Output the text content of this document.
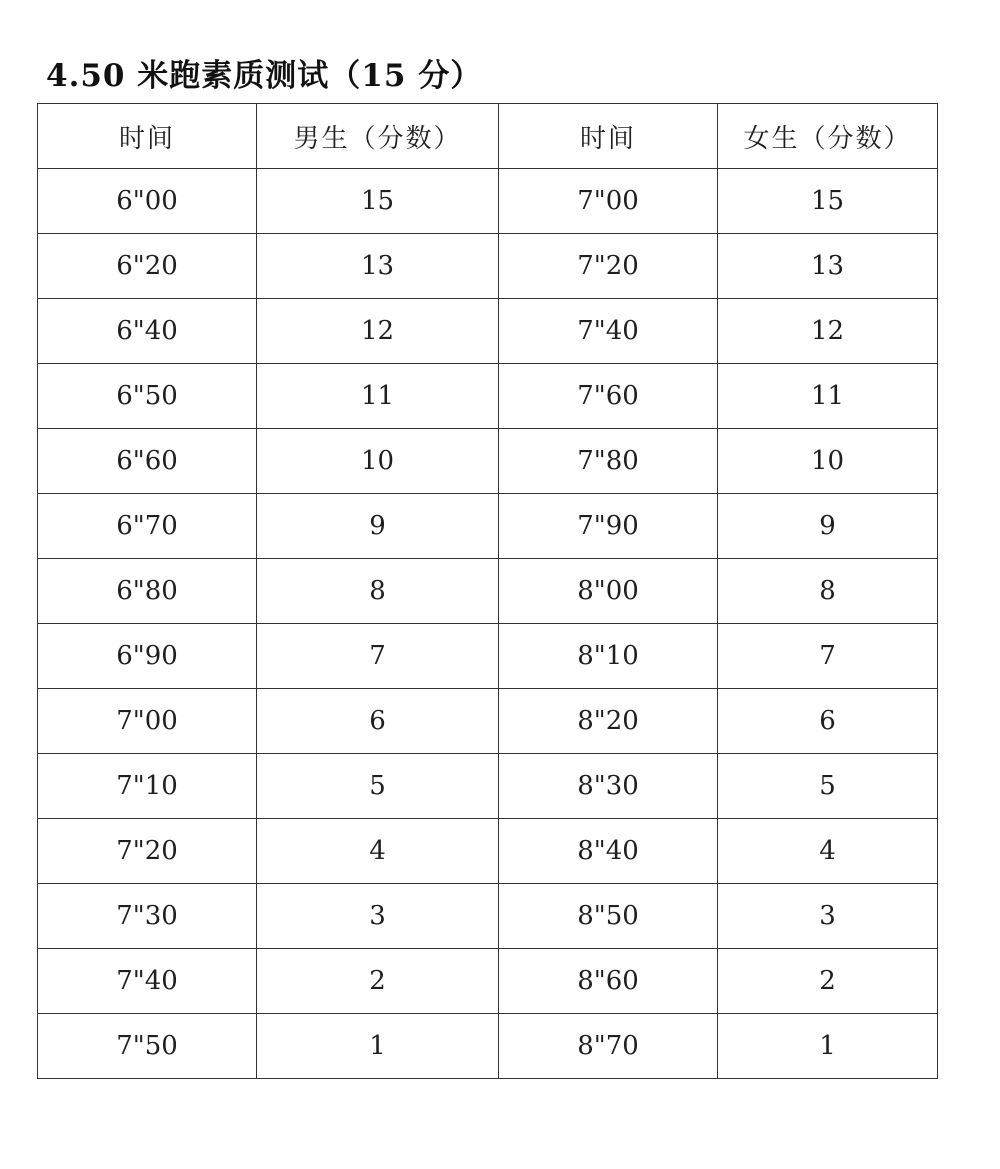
4.50 米跑素质测试（15 分）
时间	男生（分数）	时间	女生（分数）
6"00	15	7"00	15
6"20	13	7"20	13
6"40	12	7"40	12
6"50	11	7"60	11
6"60	10	7"80	10
6"70	9	7"90	9
6"80	8	8"00	8
6"90	7	8"10	7
7"00	6	8"20	6
7"10	5	8"30	5
7"20	4	8"40	4
7"30	3	8"50	3
7"40	2	8"60	2
7"50	1	8"70	1
